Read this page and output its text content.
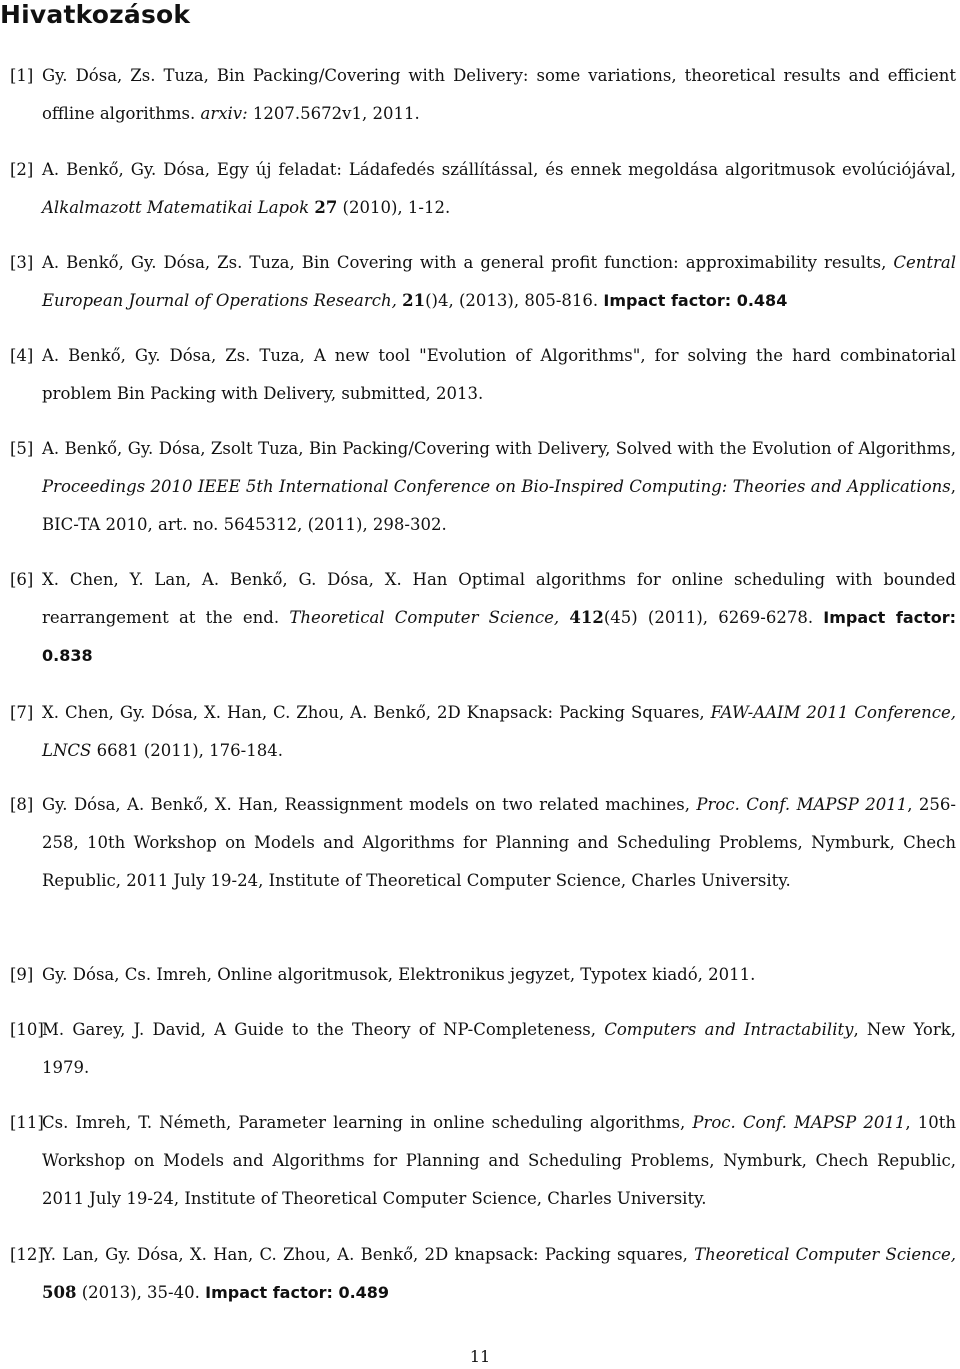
Hivatkozások
[1] Gy. Dósa, Zs. Tuza, Bin Packing/Covering with Delivery: some variations, theoretical results and efficient offline algorithms. arxiv: 1207.5672v1, 2011.
[2] A. Benkő, Gy. Dósa, Egy új feladat: Ládafedés szállítással, és ennek megoldása algoritmusok evolúciójával, Alkalmazott Matematikai Lapok 27 (2010), 1-12.
[3] A. Benkő, Gy. Dósa, Zs. Tuza, Bin Covering with a general profit function: approximability results, Central European Journal of Operations Research, 21()4, (2013), 805-816. Impact factor: 0.484
[4] A. Benkő, Gy. Dósa, Zs. Tuza, A new tool "Evolution of Algorithms", for solving the hard combinatorial problem Bin Packing with Delivery, submitted, 2013.
[5] A. Benkő, Gy. Dósa, Zsolt Tuza, Bin Packing/Covering with Delivery, Solved with the Evolution of Algorithms, Proceedings 2010 IEEE 5th International Conference on Bio-Inspired Computing: Theories and Applications, BIC-TA 2010, art. no. 5645312, (2011), 298-302.
[6] X. Chen, Y. Lan, A. Benkő, G. Dósa, X. Han Optimal algorithms for online scheduling with bounded rearrangement at the end. Theoretical Computer Science, 412(45) (2011), 6269-6278. Impact factor: 0.838
[7] X. Chen, Gy. Dósa, X. Han, C. Zhou, A. Benkő, 2D Knapsack: Packing Squares, FAW-AAIM 2011 Conference, LNCS 6681 (2011), 176-184.
[8] Gy. Dósa, A. Benkő, X. Han, Reassignment models on two related machines, Proc. Conf. MAPSP 2011, 256-258, 10th Workshop on Models and Algorithms for Planning and Scheduling Problems, Nymburk, Chech Republic, 2011 July 19-24, Institute of Theoretical Computer Science, Charles University.
[9] Gy. Dósa, Cs. Imreh, Online algoritmusok, Elektronikus jegyzet, Typotex kiadó, 2011.
[10]
M. Garey, J. David, A Guide to the Theory of NP-Completeness, Computers and Intractability, New York, 1979.
[11]
Cs. Imreh, T. Németh, Parameter learning in online scheduling algorithms, Proc. Conf. MAPSP 2011, 10th Workshop on Models and Algorithms for Planning and Scheduling Problems, Nymburk, Chech Republic, 2011 July 19-24, Institute of Theoretical Computer Science, Charles University.
[12]
Y. Lan, Gy. Dósa, X. Han, C. Zhou, A. Benkő, 2D knapsack: Packing squares, Theoretical Computer Science, 508 (2013), 35-40. Impact factor: 0.489
11
